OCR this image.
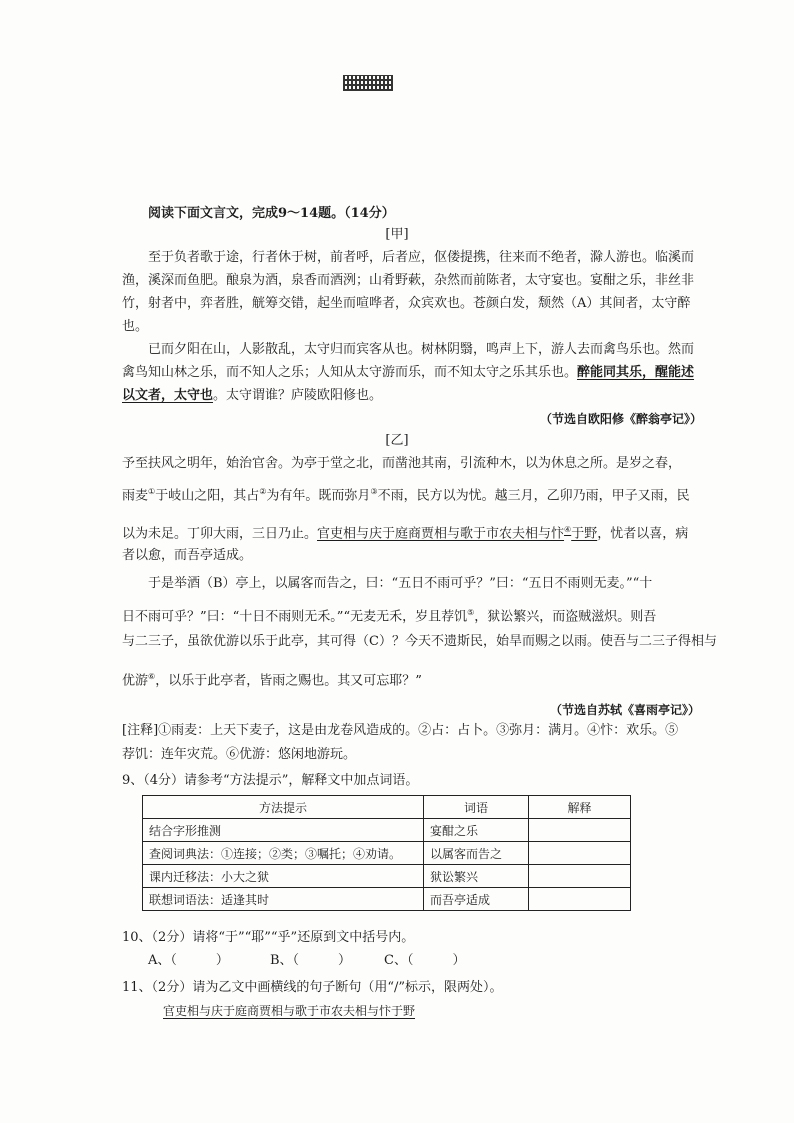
阅读下面文言文，完成9～14题。（14分）
[甲]
至于负者歌于途，行者休于树，前者呼，后者应，伛偻提携，往来而不绝者，滁人游也。临溪而
渔，溪深而鱼肥。酿泉为酒，泉香而酒洌；山肴野蔌，杂然而前陈者，太守宴也。宴酣之乐，非丝非
竹，射者中，弈者胜，觥筹交错，起坐而喧哗者，众宾欢也。苍颜白发，颓然（A）其间者，太守醉
也。
已而夕阳在山，人影散乱，太守归而宾客从也。树林阴翳，鸣声上下，游人去而禽鸟乐也。然而
禽鸟知山林之乐，而不知人之乐；人知从太守游而乐，而不知太守之乐其乐也。醉能同其乐，醒能述
以文者，太守也。太守谓谁？庐陵欧阳修也。
（节选自欧阳修《醉翁亭记》）
[乙]
予至扶风之明年，始治官舍。为亭于堂之北，而凿池其南，引流种木，以为休息之所。是岁之春，
雨麦①于岐山之阳，其占②为有年。既而弥月③不雨，民方以为忧。越三月，乙卯乃雨，甲子又雨，民
以为未足。丁卯大雨，三日乃止。官吏相与庆于庭商贾相与歌于市农夫相与忭④于野，忧者以喜，病
者以愈，而吾亭适成。
于是举酒（B）亭上，以属客而告之，曰：“五日不雨可乎？”曰：“五日不雨则无麦。”“十
日不雨可乎？”曰：“十日不雨则无禾。”“无麦无禾，岁且荐饥⑤，狱讼繁兴，而盗贼滋炽。则吾
与二三子，虽欲优游以乐于此亭，其可得（C）？今天不遗斯民，始旱而赐之以雨。使吾与二三子得相与
优游⑥，以乐于此亭者，皆雨之赐也。其又可忘耶？”
（节选自苏轼《喜雨亭记》）
[注释]①雨麦：上天下麦子，这是由龙卷风造成的。②占：占卜。③弥月：满月。④忭：欢乐。⑤
荐饥：连年灾荒。⑥优游：悠闲地游玩。
9、（4分）请参考“方法提示”，解释文中加点词语。
方法提示	词语	解释
结合字形推测	宴酣之乐	
查阅词典法：①连接；②类；③嘱托；④劝请。	以属客而告之	
课内迁移法：小大之狱	狱讼繁兴	
联想词语法：适逢其时	而吾亭适成	
10、（2分）请将“于”“耶”“乎”还原到文中括号内。
A、（　　　）	B、（　　　）	C、（　　　）
11、（2分）请为乙文中画横线的句子断句（用“/”标示，限两处）。
官吏相与庆于庭商贾相与歌于市农夫相与忭于野
